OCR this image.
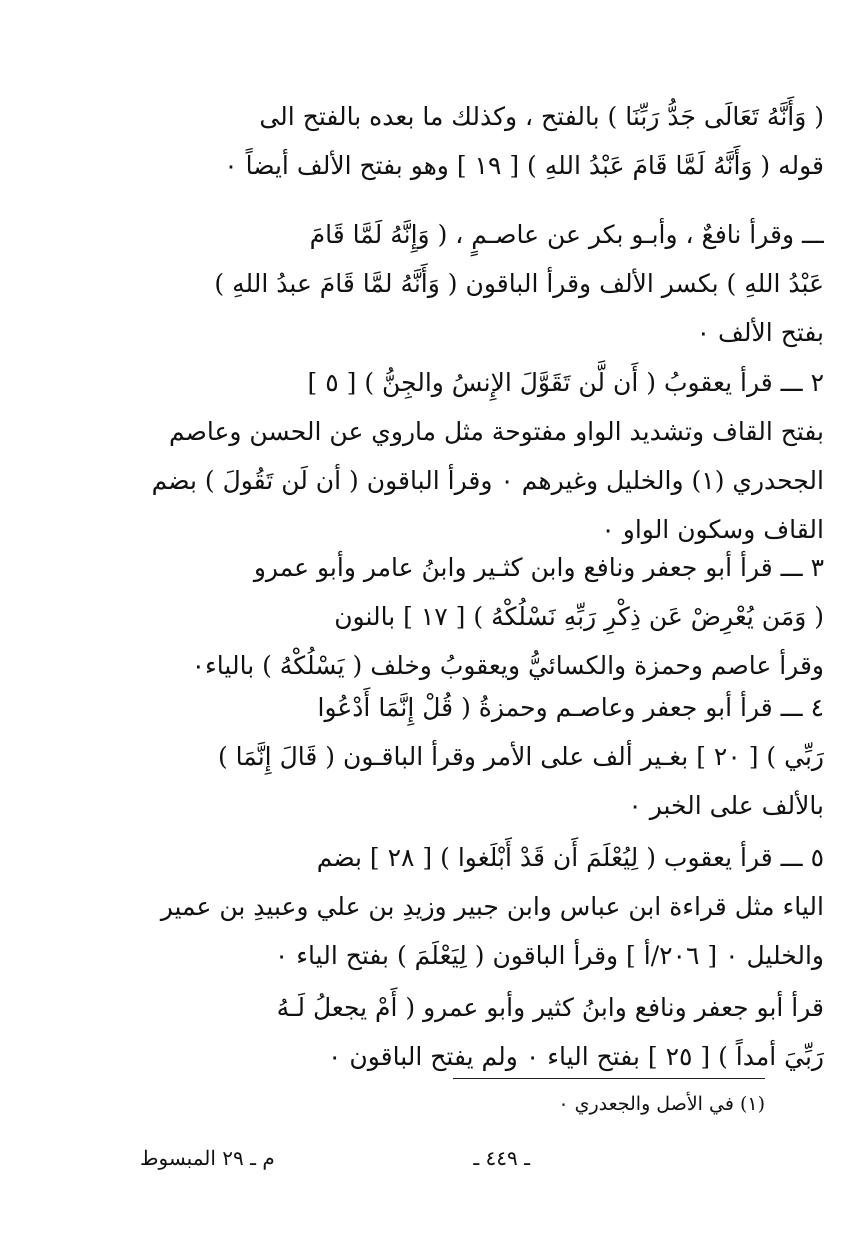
( وَأَنَّهُ تَعَالَى جَدُّ رَبِّنَا ) بالفتح ، وكذلك ما بعده بالفتح الى
قوله ( وَأَنَّهُ لَمَّا قَامَ عَبْدُ اللهِ ) [ ١٩ ] وهو بفتح الألف أيضاً ٠
ـــ وقرأ نافعٌ ، وأبـو بكر عن عاصـمٍ ، ( وَإِنَّهُ لَمَّا قَامَ
عَبْدُ اللهِ ) بكسر الألف وقرأ الباقون ( وَأَنَّهُ لمَّا قَامَ عبدُ اللهِ )
بفتح الألف ٠
٢ ـــ قرأ يعقوبُ ( أَن لَّن تَقَوَّلَ الإِنسُ والجِنُّ ) [ ٥ ]
بفتح القاف وتشديد الواو مفتوحة مثل ماروي عن الحسن وعاصم
الجحدري (١) والخليل وغيرهم ٠ وقرأ الباقون ( أن لَن تَقُولَ ) بضم
القاف وسكون الواو ٠
٣ ـــ قرأ أبو جعفر ونافع وابن كثـير وابنُ عامر وأبو عمرو
( وَمَن يُعْرِضْ عَن ذِكْرِ رَبِّهِ نَسْلُكْهُ ) [ ١٧ ] بالنون
وقرأ عاصم وحمزة والكسائيُّ ويعقوبُ وخلف ( يَسْلُكْهُ ) بالياء٠
٤ ـــ قرأ أبو جعفر وعاصـم وحمزةُ ( قُلْ إِنَّمَا أَدْعُوا
رَبِّي ) [ ٢٠ ] بغـير ألف على الأمر وقرأ الباقـون ( قَالَ إِنَّمَا )
بالألف على الخبر ٠
٥ ـــ قرأ يعقوب ( لِيُعْلَمَ أَن قَدْ أَبْلَغوا ) [ ٢٨ ] بضم
الياء مثل قراءة ابن عباس وابن جبير وزيدِ بن علي وعبيدِ بن عمير
والخليل ٠ [ ٢٠٦/أ ] وقرأ الباقون ( لِيَعْلَمَ ) بفتح الياء ٠
قرأ أبو جعفر ونافع وابنُ كثير وأبو عمرو ( أَمْ يجعلُ لَـهُ
رَبِّيَ أمداً ) [ ٢٥ ] بفتح الياء ٠ ولم يفتح الباقون ٠
(١) في الأصل والجعدري ٠
م ـ ٢٩ المبسوط	ـ ٤٤٩ ـ
